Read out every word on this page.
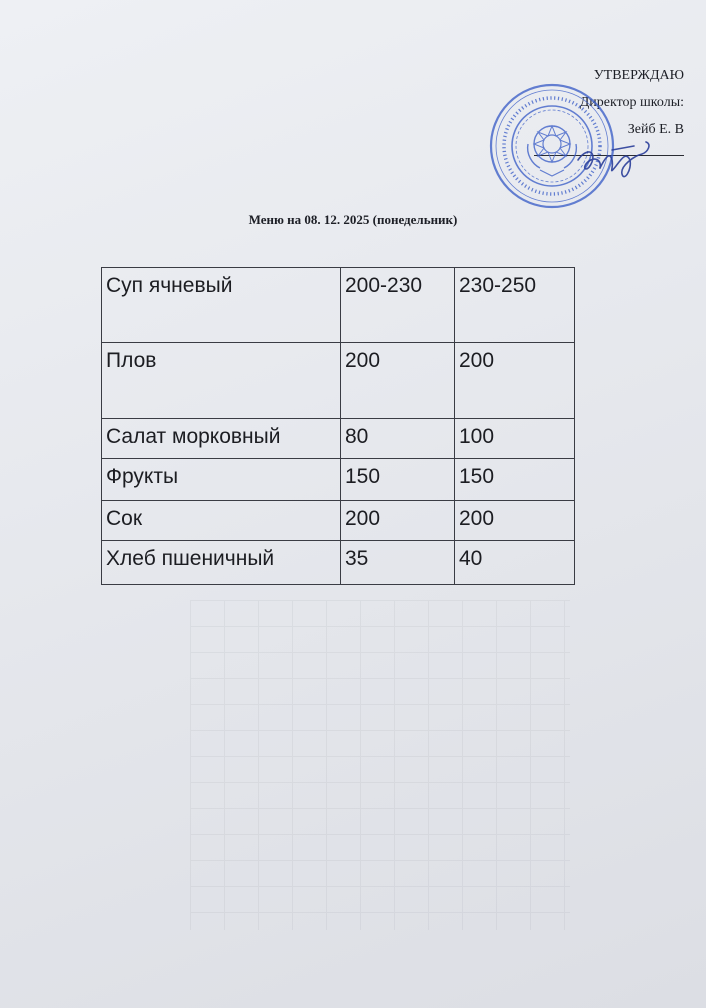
УТВЕРЖДАЮ
Директор школы:
Зейб Е. В
Меню на 08. 12. 2025 (понедельник)
Суп ячневый	200-230	230-250
Плов	200	200
Салат морковный	80	100
Фрукты	150	150
Сок	200	200
Хлеб пшеничный	35	40
